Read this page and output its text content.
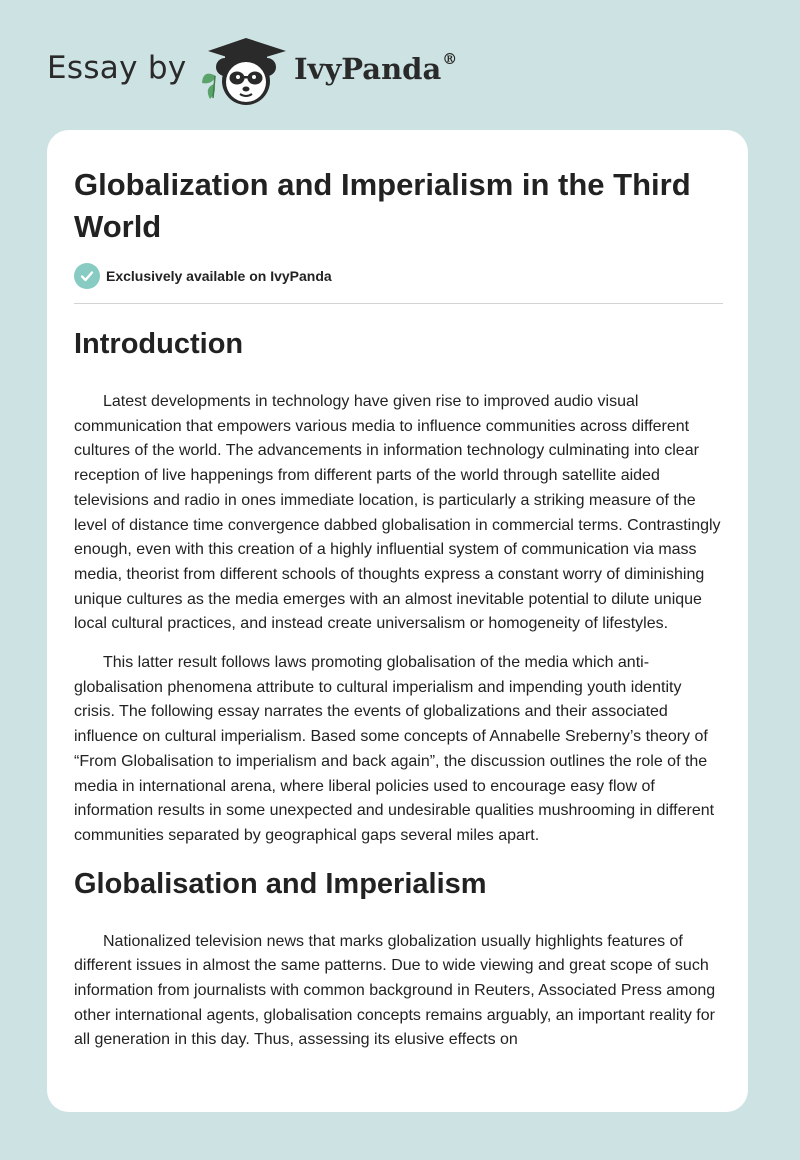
Essay by	IvyPanda®
Globalization and Imperialism in the Third World
Exclusively available on IvyPanda
Introduction

Latest developments in technology have given rise to improved audio visual communication that empowers various media to influence communities across different cultures of the world. The advancements in information technology culminating into clear reception of live happenings from different parts of the world through satellite aided televisions and radio in ones immediate location, is particularly a striking measure of the level of distance time convergence dabbed globalisation in commercial terms. Contrastingly enough, even with this creation of a highly influential system of communication via mass media, theorist from different schools of thoughts express a constant worry of diminishing unique cultures as the media emerges with an almost inevitable potential to dilute unique local cultural practices, and instead create universalism or homogeneity of lifestyles.

This latter result follows laws promoting globalisation of the media which anti-globalisation phenomena attribute to cultural imperialism and impending youth identity crisis. The following essay narrates the events of globalizations and their associated influence on cultural imperialism. Based some concepts of Annabelle Sreberny’s theory of “From Globalisation to imperialism and back again”, the discussion outlines the role of the media in international arena, where liberal policies used to encourage easy flow of information results in some unexpected and undesirable qualities mushrooming in different communities separated by geographical gaps several miles apart.

Globalisation and Imperialism

Nationalized television news that marks globalization usually highlights features of different issues in almost the same patterns. Due to wide viewing and great scope of such information from journalists with common background in Reuters, Associated Press among other international agents, globalisation concepts remains arguably, an important reality for all generation in this day. Thus, assessing its elusive effects on
